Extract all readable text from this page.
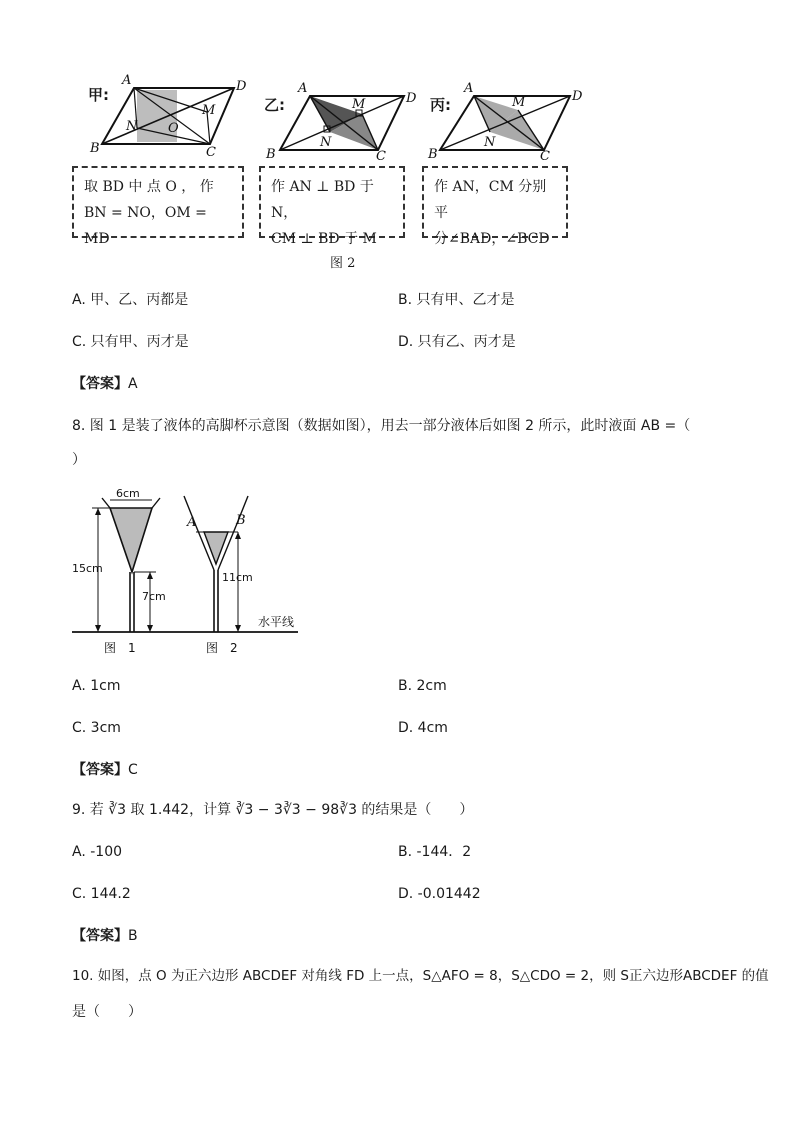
甲:
A	D
B	C
M
N O
乙:
A
D
B	C
M
N
丙:
A
D
B	C
M
N
取 BD 中 点 O ， 作
BN = NO，OM = MD
作 AN ⊥ BD 于 N，
CM ⊥ BD 于 M
作 AN，CM 分别平
分∠BAD，∠BCD
图 2
A. 甲、乙、丙都是	B. 只有甲、乙才是
C. 只有甲、丙才是	D. 只有乙、丙才是
【答案】A
8. 图 1 是装了液体的高脚杯示意图（数据如图），用去一部分液体后如图 2 所示，此时液面 AB =（
）
6cm
15cm
7cm
11cm
A	B
水平线
图　1	图　2
A. 1cm	B. 2cm
C. 3cm	D. 4cm
【答案】C
9. 若 ∛3 取 1.442，计算 ∛3 − 3∛3 − 98∛3 的结果是（　　）
A. -100	B. -144．2
C. 144.2	D. -0.01442
【答案】B
10. 如图，点 O 为正六边形 ABCDEF 对角线 FD 上一点，S△AFO = 8，S△CDO = 2，则 S正六边形ABCDEF 的值
是（　　）
